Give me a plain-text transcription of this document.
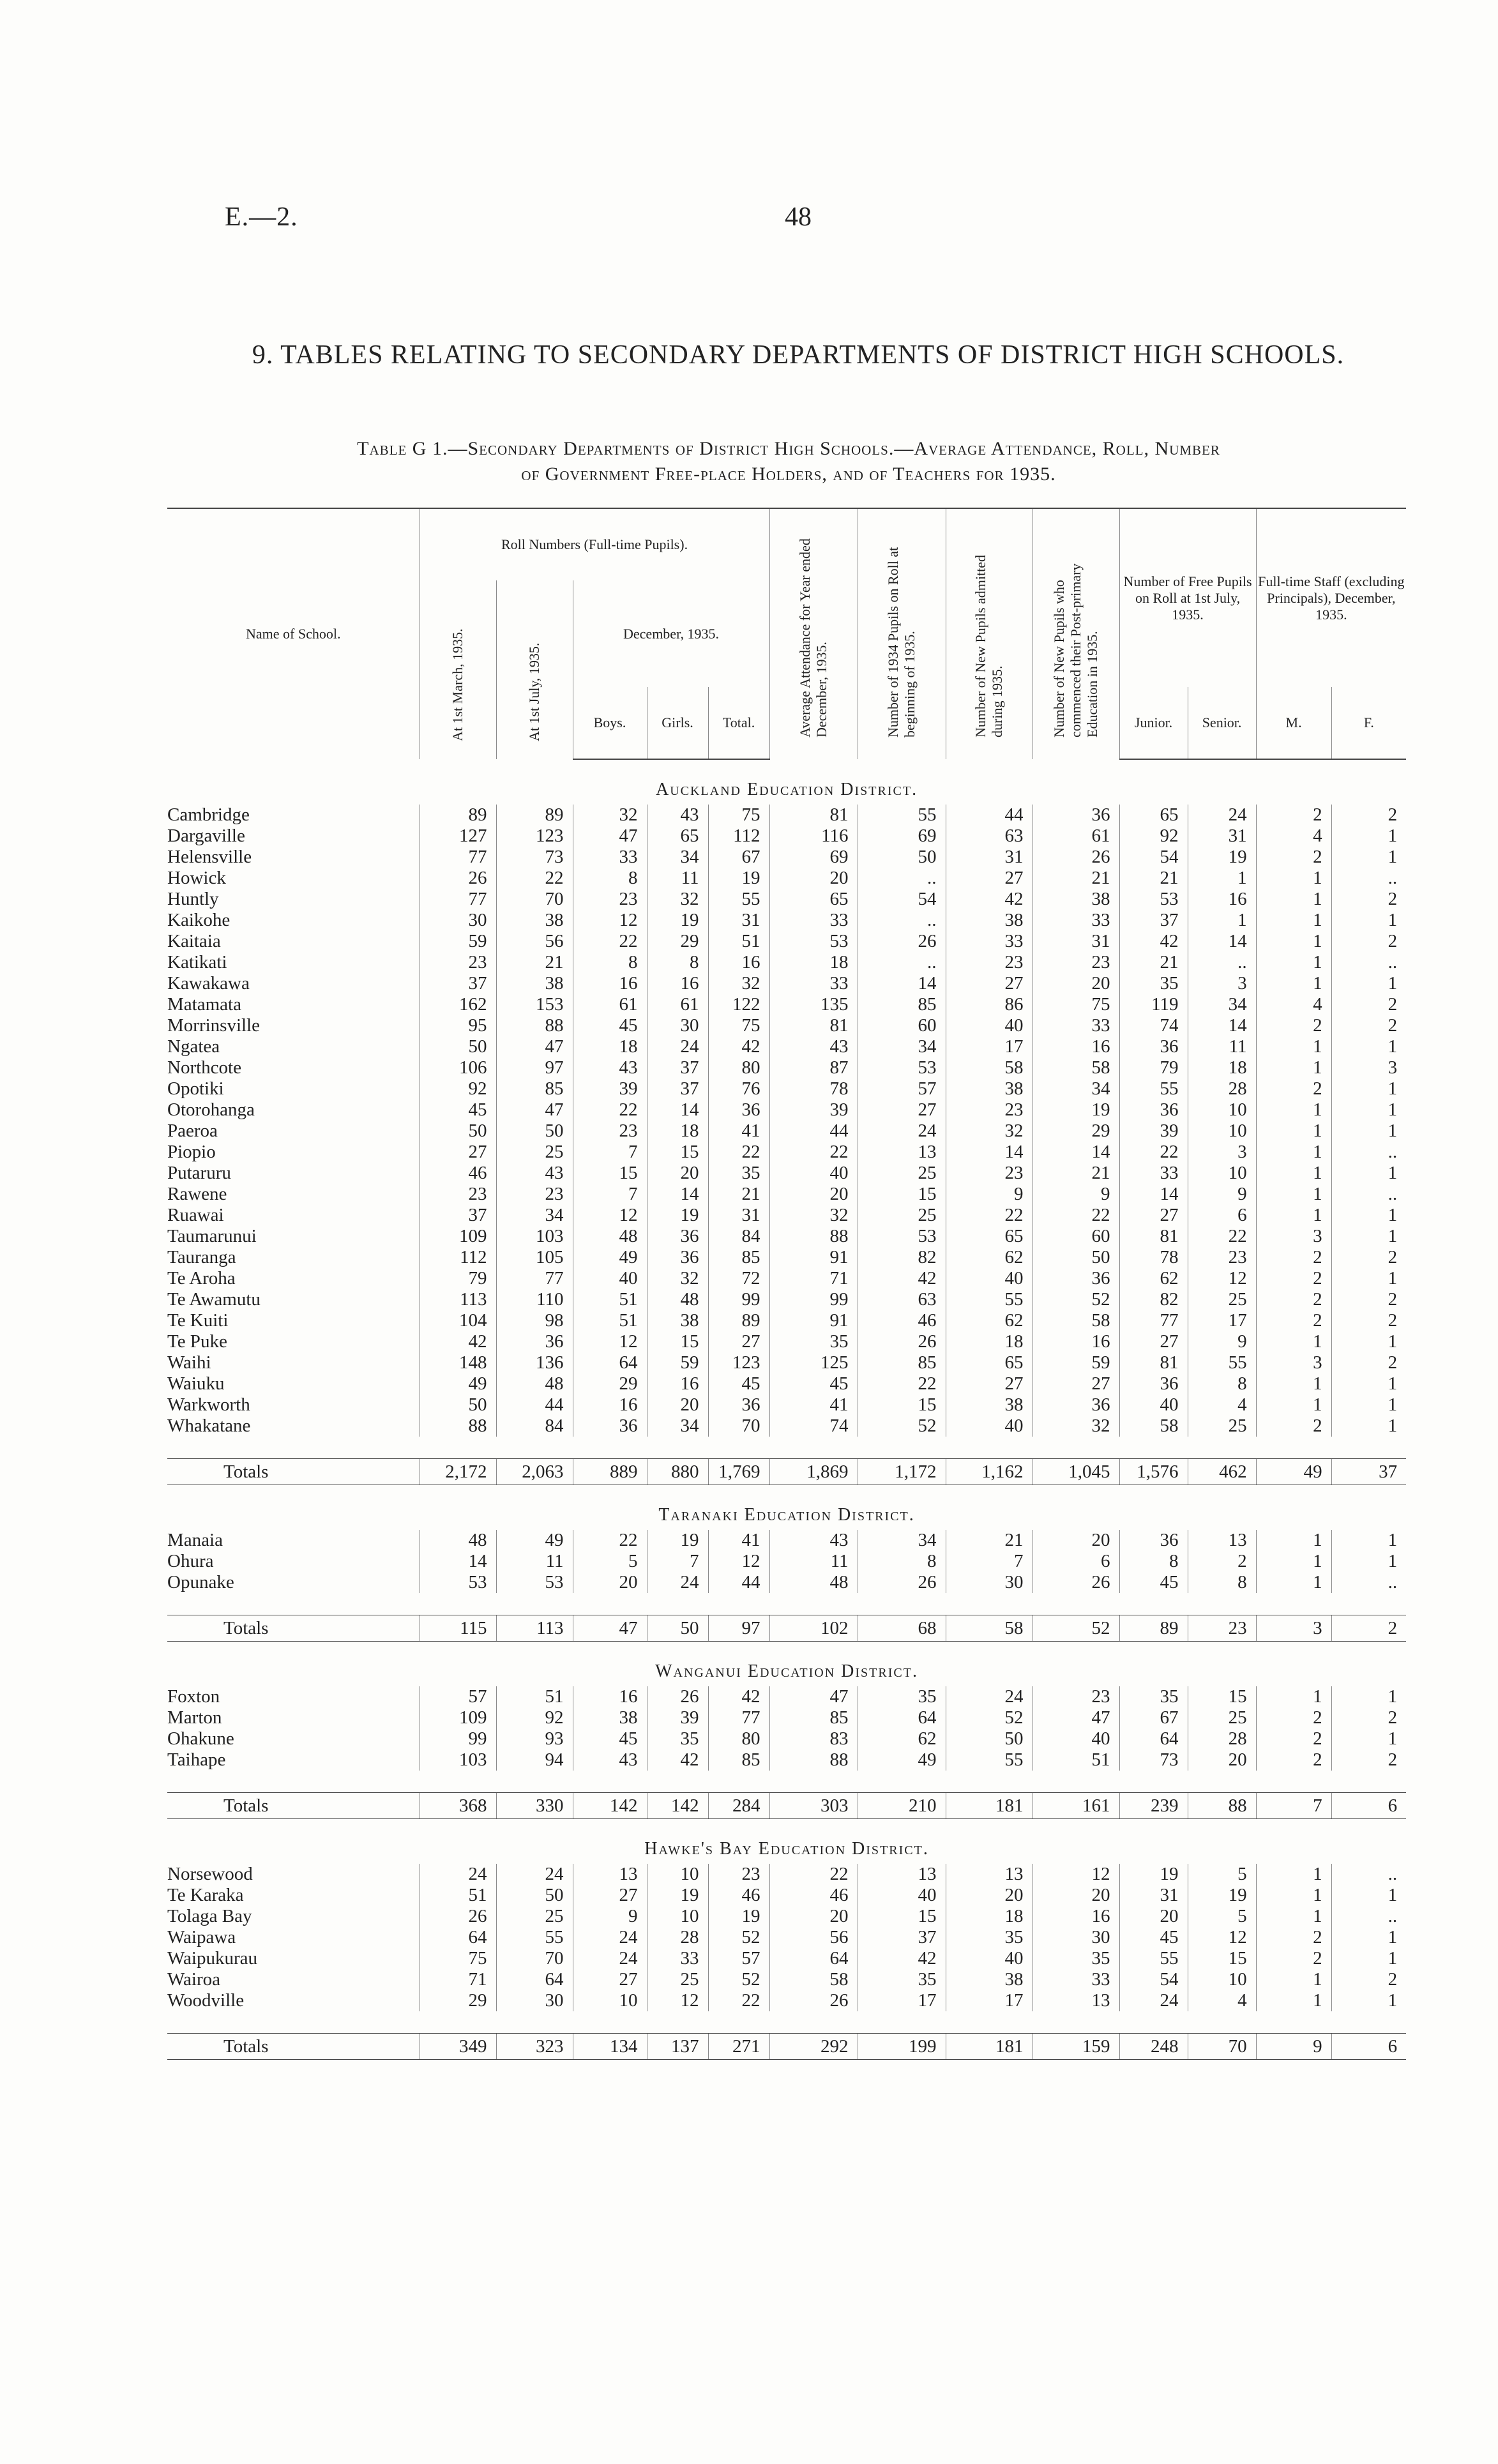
E.—2.	48
9. TABLES RELATING TO SECONDARY DEPARTMENTS OF DISTRICT HIGH SCHOOLS.
Table G 1.—Secondary Departments of District High Schools.—Average Attendance, Roll, Number
of Government Free-place Holders, and of Teachers for 1935.
Name of School.	Roll Numbers (Full-time Pupils).					Average Attendance for Year ended December, 1935.	Number of 1934 Pupils on Roll at beginning of 1935.	Number of New Pupils admitted during 1935.	Number of New Pupils who commenced their Post-primary Education in 1935.	Number of Free Pupils on Roll at 1st July, 1935.		Full-time Staff (excluding Principals), December, 1935.	
	At 1st March, 1935.	At 1st July, 1935.	December, 1935.										
			Boys.	Girls.	Total.					Junior.	Senior.	M.	F.
Auckland Education District.													
Cambridge	89	89	32	43	75	81	55	44	36	65	24	2	2
Dargaville	127	123	47	65	112	116	69	63	61	92	31	4	1
Helensville	77	73	33	34	67	69	50	31	26	54	19	2	1
Howick	26	22	8	11	19	20	..	27	21	21	1	1	..
Huntly	77	70	23	32	55	65	54	42	38	53	16	1	2
Kaikohe	30	38	12	19	31	33	..	38	33	37	1	1	1
Kaitaia	59	56	22	29	51	53	26	33	31	42	14	1	2
Katikati	23	21	8	8	16	18	..	23	23	21	..	1	..
Kawakawa	37	38	16	16	32	33	14	27	20	35	3	1	1
Matamata	162	153	61	61	122	135	85	86	75	119	34	4	2
Morrinsville	95	88	45	30	75	81	60	40	33	74	14	2	2
Ngatea	50	47	18	24	42	43	34	17	16	36	11	1	1
Northcote	106	97	43	37	80	87	53	58	58	79	18	1	3
Opotiki	92	85	39	37	76	78	57	38	34	55	28	2	1
Otorohanga	45	47	22	14	36	39	27	23	19	36	10	1	1
Paeroa	50	50	23	18	41	44	24	32	29	39	10	1	1
Piopio	27	25	7	15	22	22	13	14	14	22	3	1	..
Putaruru	46	43	15	20	35	40	25	23	21	33	10	1	1
Rawene	23	23	7	14	21	20	15	9	9	14	9	1	..
Ruawai	37	34	12	19	31	32	25	22	22	27	6	1	1
Taumarunui	109	103	48	36	84	88	53	65	60	81	22	3	1
Tauranga	112	105	49	36	85	91	82	62	50	78	23	2	2
Te Aroha	79	77	40	32	72	71	42	40	36	62	12	2	1
Te Awamutu	113	110	51	48	99	99	63	55	52	82	25	2	2
Te Kuiti	104	98	51	38	89	91	46	62	58	77	17	2	2
Te Puke	42	36	12	15	27	35	26	18	16	27	9	1	1
Waihi	148	136	64	59	123	125	85	65	59	81	55	3	2
Waiuku	49	48	29	16	45	45	22	27	27	36	8	1	1
Warkworth	50	44	16	20	36	41	15	38	36	40	4	1	1
Whakatane	88	84	36	34	70	74	52	40	32	58	25	2	1

Totals	2,172	2,063	889	880	1,769	1,869	1,172	1,162	1,045	1,576	462	49	37
Taranaki Education District.													
Manaia	48	49	22	19	41	43	34	21	20	36	13	1	1
Ohura	14	11	5	7	12	11	8	7	6	8	2	1	1
Opunake	53	53	20	24	44	48	26	30	26	45	8	1	..

Totals	115	113	47	50	97	102	68	58	52	89	23	3	2
Wanganui Education District.													
Foxton	57	51	16	26	42	47	35	24	23	35	15	1	1
Marton	109	92	38	39	77	85	64	52	47	67	25	2	2
Ohakune	99	93	45	35	80	83	62	50	40	64	28	2	1
Taihape	103	94	43	42	85	88	49	55	51	73	20	2	2

Totals	368	330	142	142	284	303	210	181	161	239	88	7	6
Hawke's Bay Education District.													
Norsewood	24	24	13	10	23	22	13	13	12	19	5	1	..
Te Karaka	51	50	27	19	46	46	40	20	20	31	19	1	1
Tolaga Bay	26	25	9	10	19	20	15	18	16	20	5	1	..
Waipawa	64	55	24	28	52	56	37	35	30	45	12	2	1
Waipukurau	75	70	24	33	57	64	42	40	35	55	15	2	1
Wairoa	71	64	27	25	52	58	35	38	33	54	10	1	2
Woodville	29	30	10	12	22	26	17	17	13	24	4	1	1

Totals	349	323	134	137	271	292	199	181	159	248	70	9	6
